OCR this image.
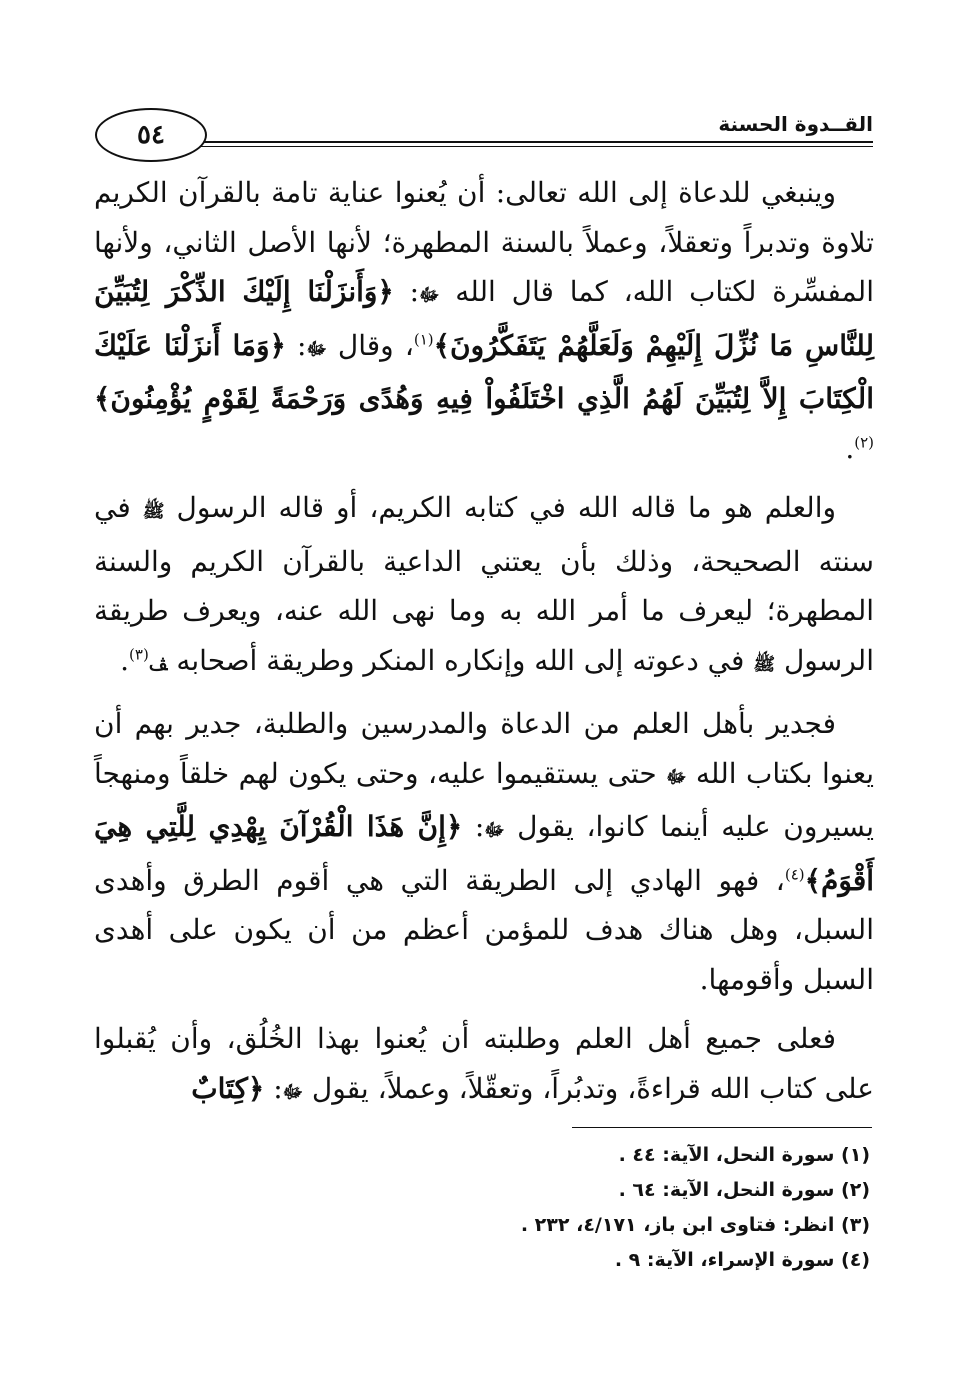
٥٤	القــدوة الحسنة

وينبغي للدعاة إلى الله تعالى: أن يُعنوا عناية تامة بالقرآن الكريم تلاوة وتدبراً وتعقلاً، وعملاً بالسنة المطهرة؛ لأنها الأصل الثاني، ولأنها المفسِّرة لكتاب الله، كما قال الله ﷻ: ﴿وَأَنزَلْنَا إِلَيْكَ الذِّكْرَ لِتُبَيِّنَ لِلنَّاسِ مَا نُزِّلَ إِلَيْهِمْ وَلَعَلَّهُمْ يَتَفَكَّرُونَ﴾$^{(١)}$، وقال ﷻ: ﴿وَمَا أَنزَلْنَا عَلَيْكَ الْكِتَابَ إِلاَّ لِتُبَيِّنَ لَهُمُ الَّذِي اخْتَلَفُواْ فِيهِ وَهُدًى وَرَحْمَةً لِقَوْمٍ يُؤْمِنُونَ﴾$^{(٢)}$.

والعلم هو ما قاله الله في كتابه الكريم، أو قاله الرسول ﷺ في سنته الصحيحة، وذلك بأن يعتني الداعية بالقرآن الكريم والسنة المطهرة؛ ليعرف ما أمر الله به وما نهى الله عنه، ويعرف طريقة الرسول ﷺ في دعوته إلى الله وإنكاره المنكر وطريقة أصحابه ﭫ$^{(٣)}$.

فجدير بأهل العلم من الدعاة والمدرسين والطلبة، جدير بهم أن يعنوا بكتاب الله ﷻ حتى يستقيموا عليه، وحتى يكون لهم خلقاً ومنهجاً يسيرون عليه أينما كانوا، يقول ﷻ: ﴿إِنَّ هَذَا الْقُرْآنَ يِهْدِي لِلَّتِي هِيَ أَقْوَمُ﴾$^{(٤)}$، فهو الهادي إلى الطريقة التي هي أقوم الطرق وأهدى السبل، وهل هناك هدف للمؤمن أعظم من أن يكون على أهدى السبل وأقومها.

فعلى جميع أهل العلم وطلبته أن يُعنوا بهذا الخُلُق، وأن يُقبلوا على كتاب الله قراءةً، وتدبُراً، وتعقّلاً، وعملاً، يقول ﷻ: ﴿كِتَابٌ

(١) سورة النحل، الآية: ٤٤ .
(٢) سورة النحل، الآية: ٦٤ .
(٣) انظر: فتاوى ابن باز، ٤/١٧١، ٢٣٢ .
(٤) سورة الإسراء، الآية: ٩ .
